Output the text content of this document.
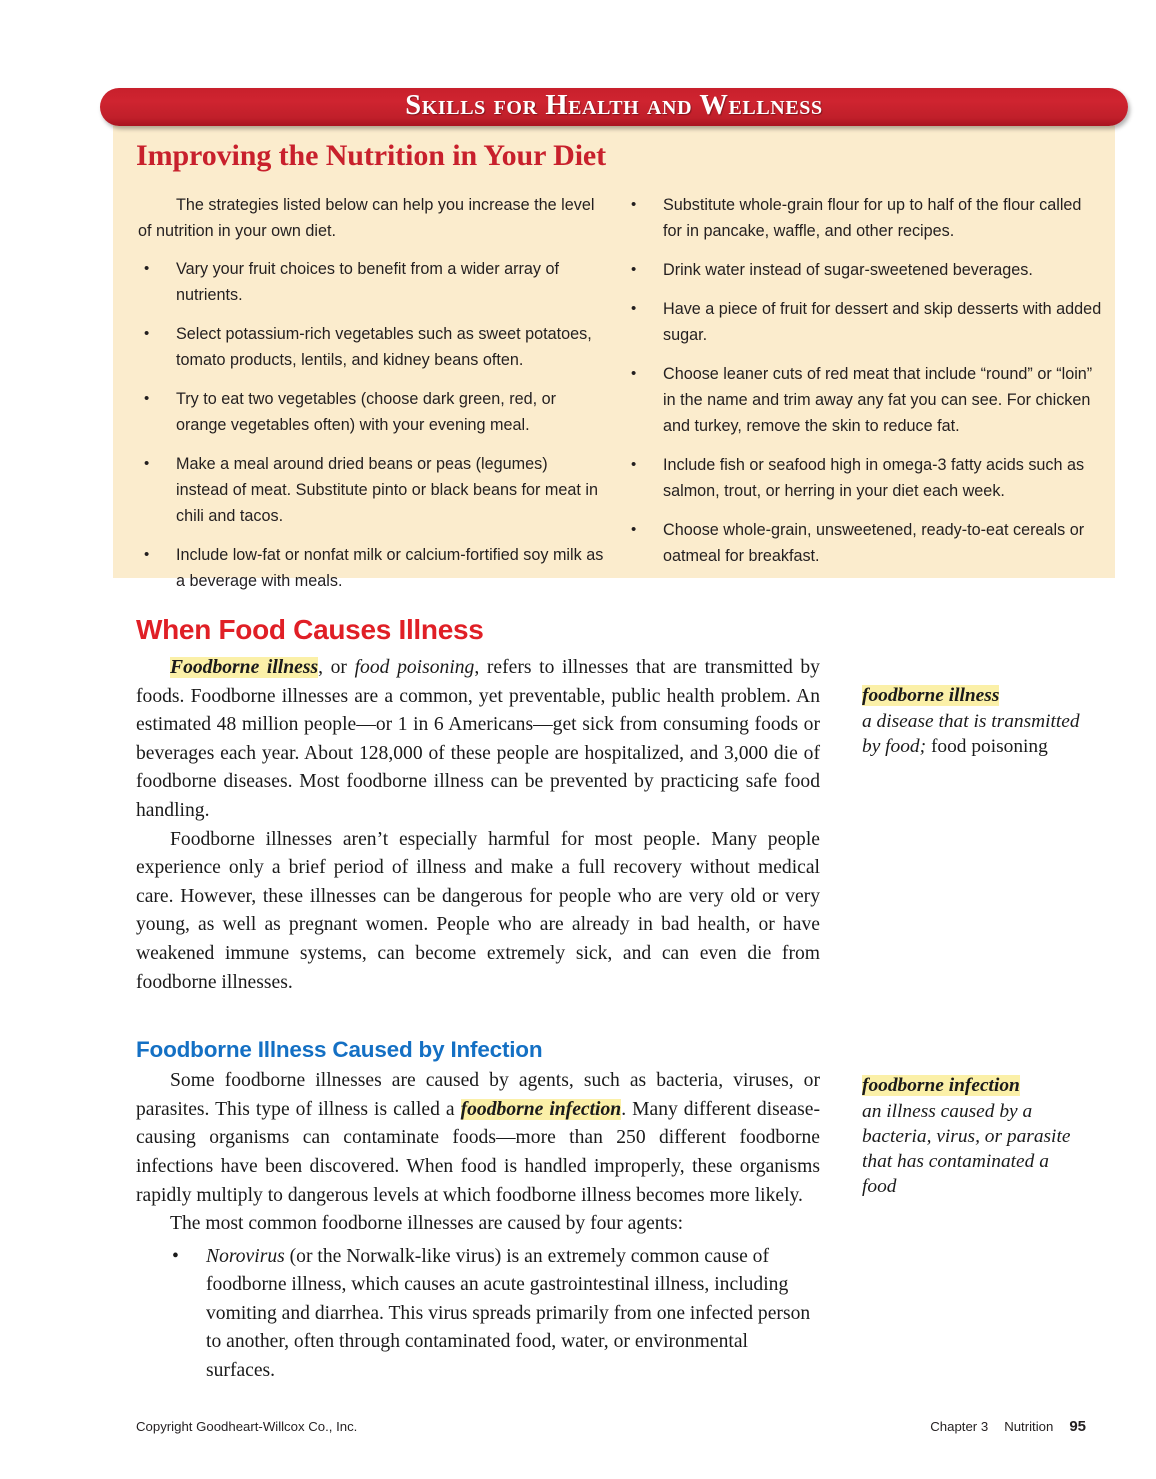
The strategies listed below can help you increase the level of nutrition in your own diet.

• Vary your fruit choices to benefit from a wider array of nutrients.
• Select potassium-rich vegetables such as sweet potatoes, tomato products, lentils, and kidney beans often.
• Try to eat two vegetables (choose dark green, red, or orange vegetables often) with your evening meal.
• Make a meal around dried beans or peas (legumes) instead of meat. Substitute pinto or black beans for meat in chili and tacos.
• Include low-fat or nonfat milk or calcium-fortified soy milk as a beverage with meals.
• Substitute whole-grain flour for up to half of the flour called for in pancake, waffle, and other recipes.
• Drink water instead of sugar-sweetened beverages.
• Have a piece of fruit for dessert and skip desserts with added sugar.
• Choose leaner cuts of red meat that include “round” or “loin” in the name and trim away any fat you can see. For chicken and turkey, remove the skin to reduce fat.
• Include fish or seafood high in omega-3 fatty acids such as salmon, trout, or herring in your diet each week.
• Choose whole-grain, unsweetened, ready-to-eat cereals or oatmeal for breakfast.
Skills for Health and Wellness
Improving the Nutrition in Your Diet
When Food Causes Illness

Foodborne illness, or food poisoning, refers to illnesses that are transmitted by foods. Foodborne illnesses are a common, yet preventable, public health problem. An estimated 48 million people—or 1 in 6 Americans—get sick from consuming foods or beverages each year. About 128,000 of these people are hospitalized, and 3,000 die of foodborne diseases. Most foodborne illness can be prevented by practicing safe food handling.

Foodborne illnesses aren’t especially harmful for most people. Many people experience only a brief period of illness and make a full recovery without medical care. However, these illnesses can be dangerous for people who are very old or very young, as well as pregnant women. People who are already in bad health, or have weakened immune systems, can become extremely sick, and can even die from foodborne illnesses.

Foodborne Illness Caused by Infection

Some foodborne illnesses are caused by agents, such as bacteria, viruses, or parasites. This type of illness is called a foodborne infection. Many different disease-causing organisms can contaminate foods—more than 250 different foodborne infections have been discovered. When food is handled improperly, these organisms rapidly multiply to dangerous levels at which foodborne illness becomes more likely.

The most common foodborne illnesses are caused by four agents:

• Norovirus (or the Norwalk-like virus) is an extremely common cause of foodborne illness, which causes an acute gastrointestinal illness, including vomiting and diarrhea. This virus spreads primarily from one infected person to another, often through contaminated food, water, or environmental surfaces.
foodborne illness
a disease that is transmitted by food; food poisoning
foodborne infection
an illness caused by a bacteria, virus, or parasite that has contaminated a food
Copyright Goodheart-Willcox Co., Inc.	Chapter 3 Nutrition 95
